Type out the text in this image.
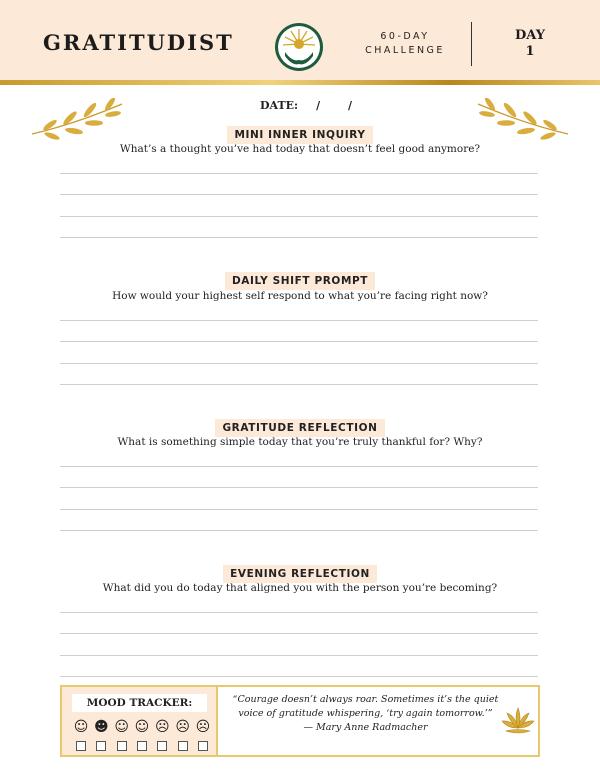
GRATITUDIST	60-DAY
CHALLENGE
DAY
1
DATE: / /
MINI INNER INQUIRY
What’s a thought you’ve had today that doesn’t feel good anymore?
DAILY SHIFT PROMPT
How would your highest self respond to what you’re facing right now?
GRATITUDE REFLECTION
What is something simple today that you’re truly thankful for? Why?
EVENING REFLECTION
What did you do today that aligned you with the person you’re becoming?
MOOD TRACKER:
☺ ☻ ☺ ☺ ☹ ☹ ☹
“Courage doesn’t always roar. Sometimes it’s the quiet
voice of gratitude whispering, ‘try again tomorrow.’”
— Mary Anne Radmacher
